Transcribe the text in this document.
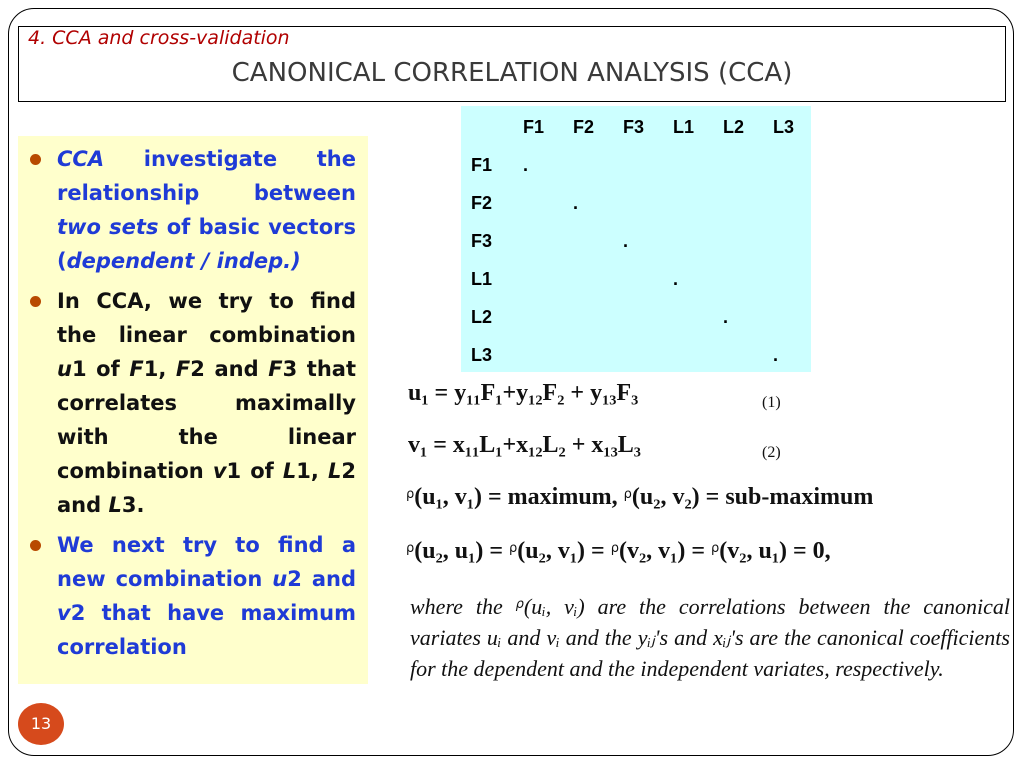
4. CCA and cross-validation
CANONICAL CORRELATION ANALYSIS (CCA)
CCA investigate the relationship between two sets of basic vectors (dependent / indep.)
In CCA, we try to find the linear combination u1 of F1, F2 and F3 that correlates maximally with the linear combination v1 of L1, L2 and L3.
We next try to find a new combination u2 and v2 that have maximum correlation
	F1	F2	F3	L1	L2	L3
F1	.					
F2		.				
F3			.			
L1				.		
L2					.	
L3						.
u₁ = y₁₁F₁+y₁₂F₂ + y₁₃F₃	(1)
v₁ = x₁₁L₁+x₁₂L₂ + x₁₃L₃	(2)
$^\rho$(u₁, v₁) = maximum, $^\rho$(u₂, v₂) = sub-maximum
$^\rho$(u₂, u₁) = $^\rho$(u₂, v₁) = $^\rho$(v₂, v₁) = $^\rho$(v₂, u₁) = 0,
where the $^\rho$(uᵢ, vᵢ) are the correlations between the canonical variates uᵢ and vᵢ and the yᵢⱼ's and xᵢⱼ's are the canonical coefficients for the dependent and the independent variates, respectively.
13
